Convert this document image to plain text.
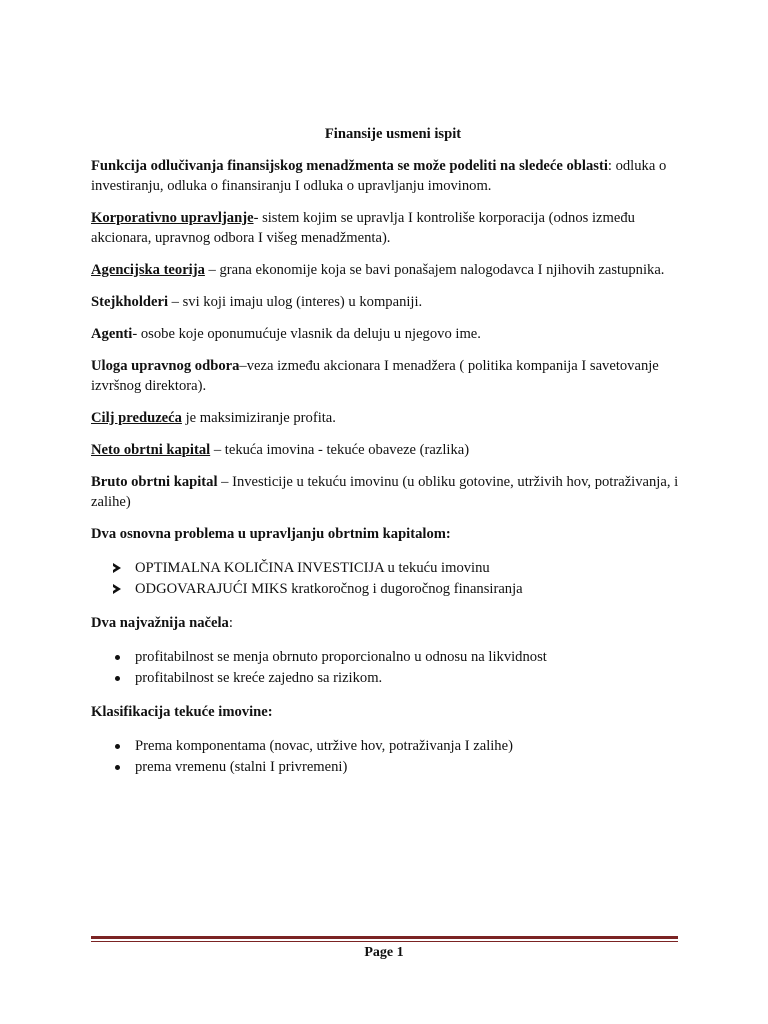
Finansije usmeni ispit

Funkcija odlučivanja finansijskog menadžmenta se može podeliti na sledeće oblasti: odluka o investiranju, odluka o finansiranju I odluka o upravljanju imovinom.

Korporativno upravljanje- sistem kojim se upravlja I kontroliše korporacija (odnos između akcionara, upravnog odbora I višeg menadžmenta).

Agencijska teorija – grana ekonomije koja se bavi ponašajem nalogodavca I njihovih zastupnika.

Stejkholderi – svi koji imaju ulog (interes) u kompaniji.

Agenti- osobe koje oponumućuje vlasnik da deluju u njegovo ime.

Uloga upravnog odbora–veza između akcionara I menadžera ( politika kompanija I savetovanje izvršnog direktora).

Cilj preduzeća je maksimiziranje profita.

Neto obrtni kapital – tekuća imovina - tekuće obaveze (razlika)

Bruto obrtni kapital – Investicije u tekuću imovinu (u obliku gotovine, utrživih hov, potraživanja, i zalihe)

Dva osnovna problema u upravljanju obrtnim kapitalom:

OPTIMALNA KOLIČINA INVESTICIJA u tekuću imovinu
ODGOVARAJUĆI MIKS kratkoročnog i dugoročnog finansiranja

Dva najvažnija načela:

profitabilnost se menja obrnuto proporcionalno u odnosu na likvidnost
profitabilnost se kreće zajedno sa rizikom.

Klasifikacija tekuće imovine:

Prema komponentama (novac, utržive hov, potraživanja I zalihe)
prema vremenu (stalni I privremeni)
Page 1
